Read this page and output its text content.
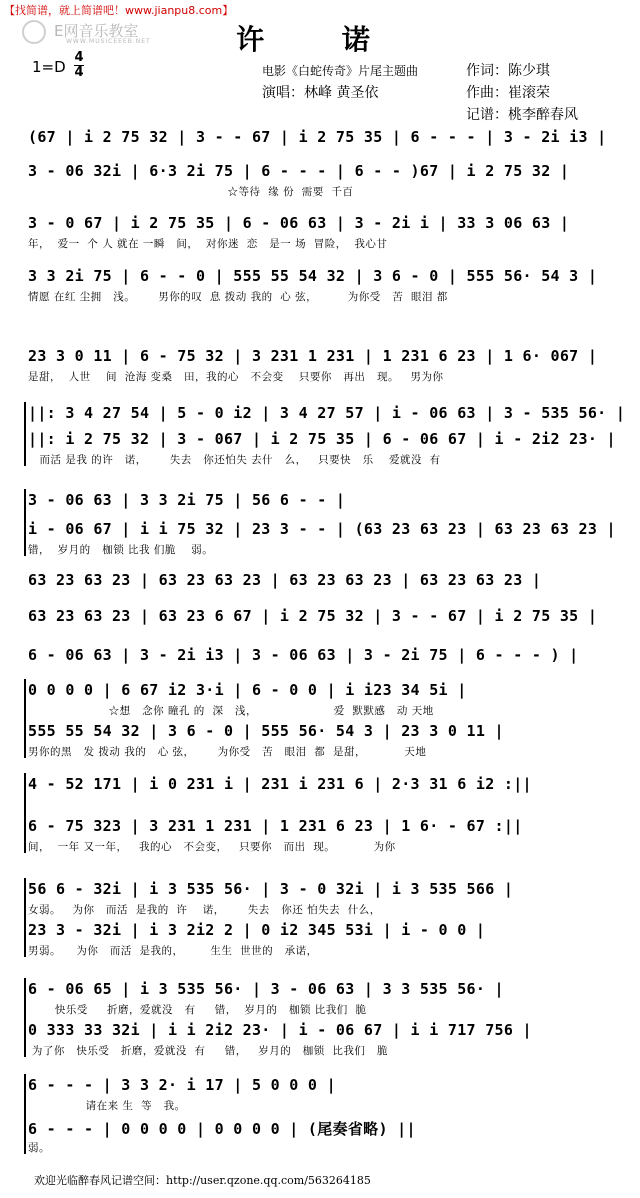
【找简谱，就上简谱吧！www.jianpu8.com】
E网音乐教室
WWW.MUSICEEEB.NET	许 诺
1=D
4
4	电影《白蛇传奇》片尾主题曲
演唱：林峰 黄圣依
作词：陈少琪
作曲：崔滚荣
记谱：桃李醉春风
(67 | i 2 75 32 | 3 - - 67 | i 2 75 35 | 6 - - - | 3 - 2i i3 |
3 - 06 32i | 6·3 2i 75 | 6 - - - | 6 - - )67 | i 2 75 32 |
☆等待  缘 份  需要  千百
3 - 0 67 | i 2 75 35 | 6 - 06 63 | 3 - 2i i | 33 3 06 63 |
年，  爱一  个 人 就在 一瞬   间，  对你迷  恋   是一 场  冒险，  我心甘
3 3 2i 75 | 6 - - 0 | 555 55 54 32 | 3 6 - 0 | 555 56· 54 3 |
情愿 在红 尘拥   浅。      男你的叹  息 拨动 我的  心 弦，        为你受   苦  眼泪 都
23 3 0 11 | 6 - 75 32 | 3 231 1 231 | 1 231 6 23 | 1 6· 067 |
是甜，  人世    间  沧海 变桑   田，我的心   不会变    只要你   再出   现。   男为你
||: 3 4 27 54 | 5 - 0 i2 | 3 4 27 57 | i - 06 63 | 3 - 535 56· |
||: i 2 75 32 | 3 - 067 | i 2 75 35 | 6 - 06 67 | i - 2i2 23· |
而活 是我 的许   诺，      失去   你还怕失 去什   么，   只要快   乐    爱就没  有
3 - 06 63 | 3 3 2i 75 | 56 6 - - |
i - 06 67 | i i 75 32 | 23 3 - - | (63 23 63 23 | 63 23 63 23 |
错，  岁月的   枷锁 比我 们脆    弱。
63 23 63 23 | 63 23 63 23 | 63 23 63 23 | 63 23 63 23 |
63 23 63 23 | 63 23 6 67 | i 2 75 32 | 3 - - 67 | i 2 75 35 |
6 - 06 63 | 3 - 2i i3 | 3 - 06 63 | 3 - 2i 75 | 6 - - - ) |
0 0 0 0 | 6 67 i2 3·i | 6 - 0 0 | i i23 34 5i |
☆想   念你 瞳孔 的  深   浅，                    爱  默默感   动 天地
555 55 54 32 | 3 6 - 0 | 555 56· 54 3 | 23 3 0 11 |
男你的黑   发 拨动 我的   心 弦，      为你受   苦   眼泪  都  是甜，          天地
4 - 52 171 | i 0 231 i | 231 i 231 6 | 2·3 31 6 i2 :||
6 - 75 323 | 3 231 1 231 | 1 231 6 23 | 1 6· - 67 :||
间，  一年 又一年，   我的心   不会变，   只要你   而出  现。          为你
56 6 - 32i | i 3 535 56· | 3 - 0 32i | i 3 535 566 |
女弱。   为你   而活  是我的  许    诺，      失去   你还 怕失去  什么，
23 3 - 32i | i 3 2i2 2 | 0 i2 345 53i | i - 0 0 |
男弱。    为你   而活  是我的，       生生  世世的   承诺，
6 - 06 65 | i 3 535 56· | 3 - 06 63 | 3 3 535 56· |
快乐受     折磨，爱就没   有     错，  岁月的   枷锁 比我们  脆
0 333 33 32i | i i 2i2 23· | i - 06 67 | i i 717 756 |
为了你   快乐受   折磨，爱就没  有     错，   岁月的   枷锁  比我们   脆
6 - - - | 3 3 2· i 17 | 5 0 0 0 |
请在来 生  等   我。
6 - - - | 0 0 0 0 | 0 0 0 0 | (尾奏省略) ||
弱。
欢迎光临醉春风记谱空间：http://user.qzone.qq.com/563264185
